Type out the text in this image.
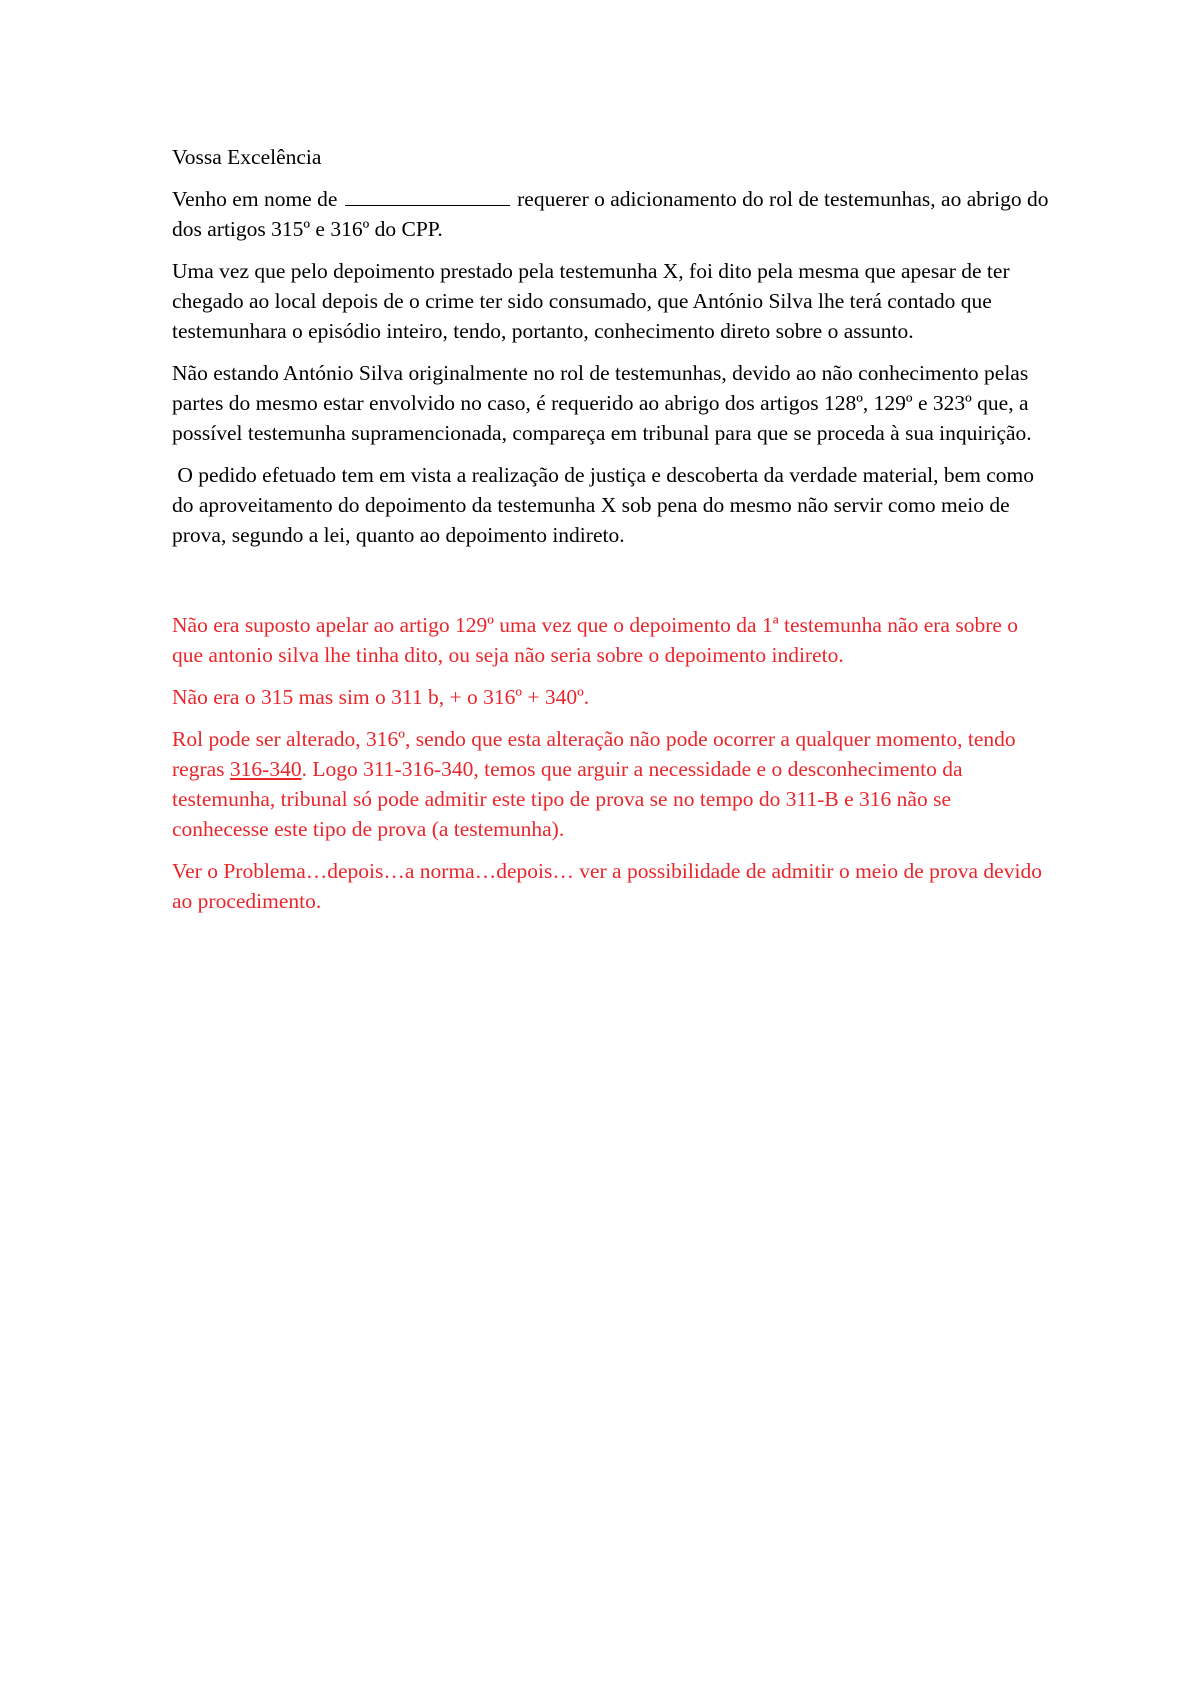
Vossa Excelência

Venho em nome de	requerer o adicionamento do rol de testemunhas, ao abrigo do dos artigos 315º e 316º do CPP.

Uma vez que pelo depoimento prestado pela testemunha X, foi dito pela mesma que apesar de ter chegado ao local depois de o crime ter sido consumado, que António Silva lhe terá contado que testemunhara o episódio inteiro, tendo, portanto, conhecimento direto sobre o assunto.

Não estando António Silva originalmente no rol de testemunhas, devido ao não conhecimento pelas partes do mesmo estar envolvido no caso, é requerido ao abrigo dos artigos 128º, 129º e 323º que, a possível testemunha supramencionada, compareça em tribunal para que se proceda à sua inquirição.

O pedido efetuado tem em vista a realização de justiça e descoberta da verdade material, bem como do aproveitamento do depoimento da testemunha X sob pena do mesmo não servir como meio de prova, segundo a lei, quanto ao depoimento indireto.

Não era suposto apelar ao artigo 129º uma vez que o depoimento da 1ª testemunha não era sobre o que antonio silva lhe tinha dito, ou seja não seria sobre o depoimento indireto.

Não era o 315 mas sim o 311 b, + o 316º + 340º.

Rol pode ser alterado, 316º, sendo que esta alteração não pode ocorrer a qualquer momento, tendo regras 316-340. Logo 311-316-340, temos que arguir a necessidade e o desconhecimento da testemunha, tribunal só pode admitir este tipo de prova se no tempo do 311-B e 316 não se conhecesse este tipo de prova (a testemunha).

Ver o Problema…depois…a norma…depois… ver a possibilidade de admitir o meio de prova devido ao procedimento.
